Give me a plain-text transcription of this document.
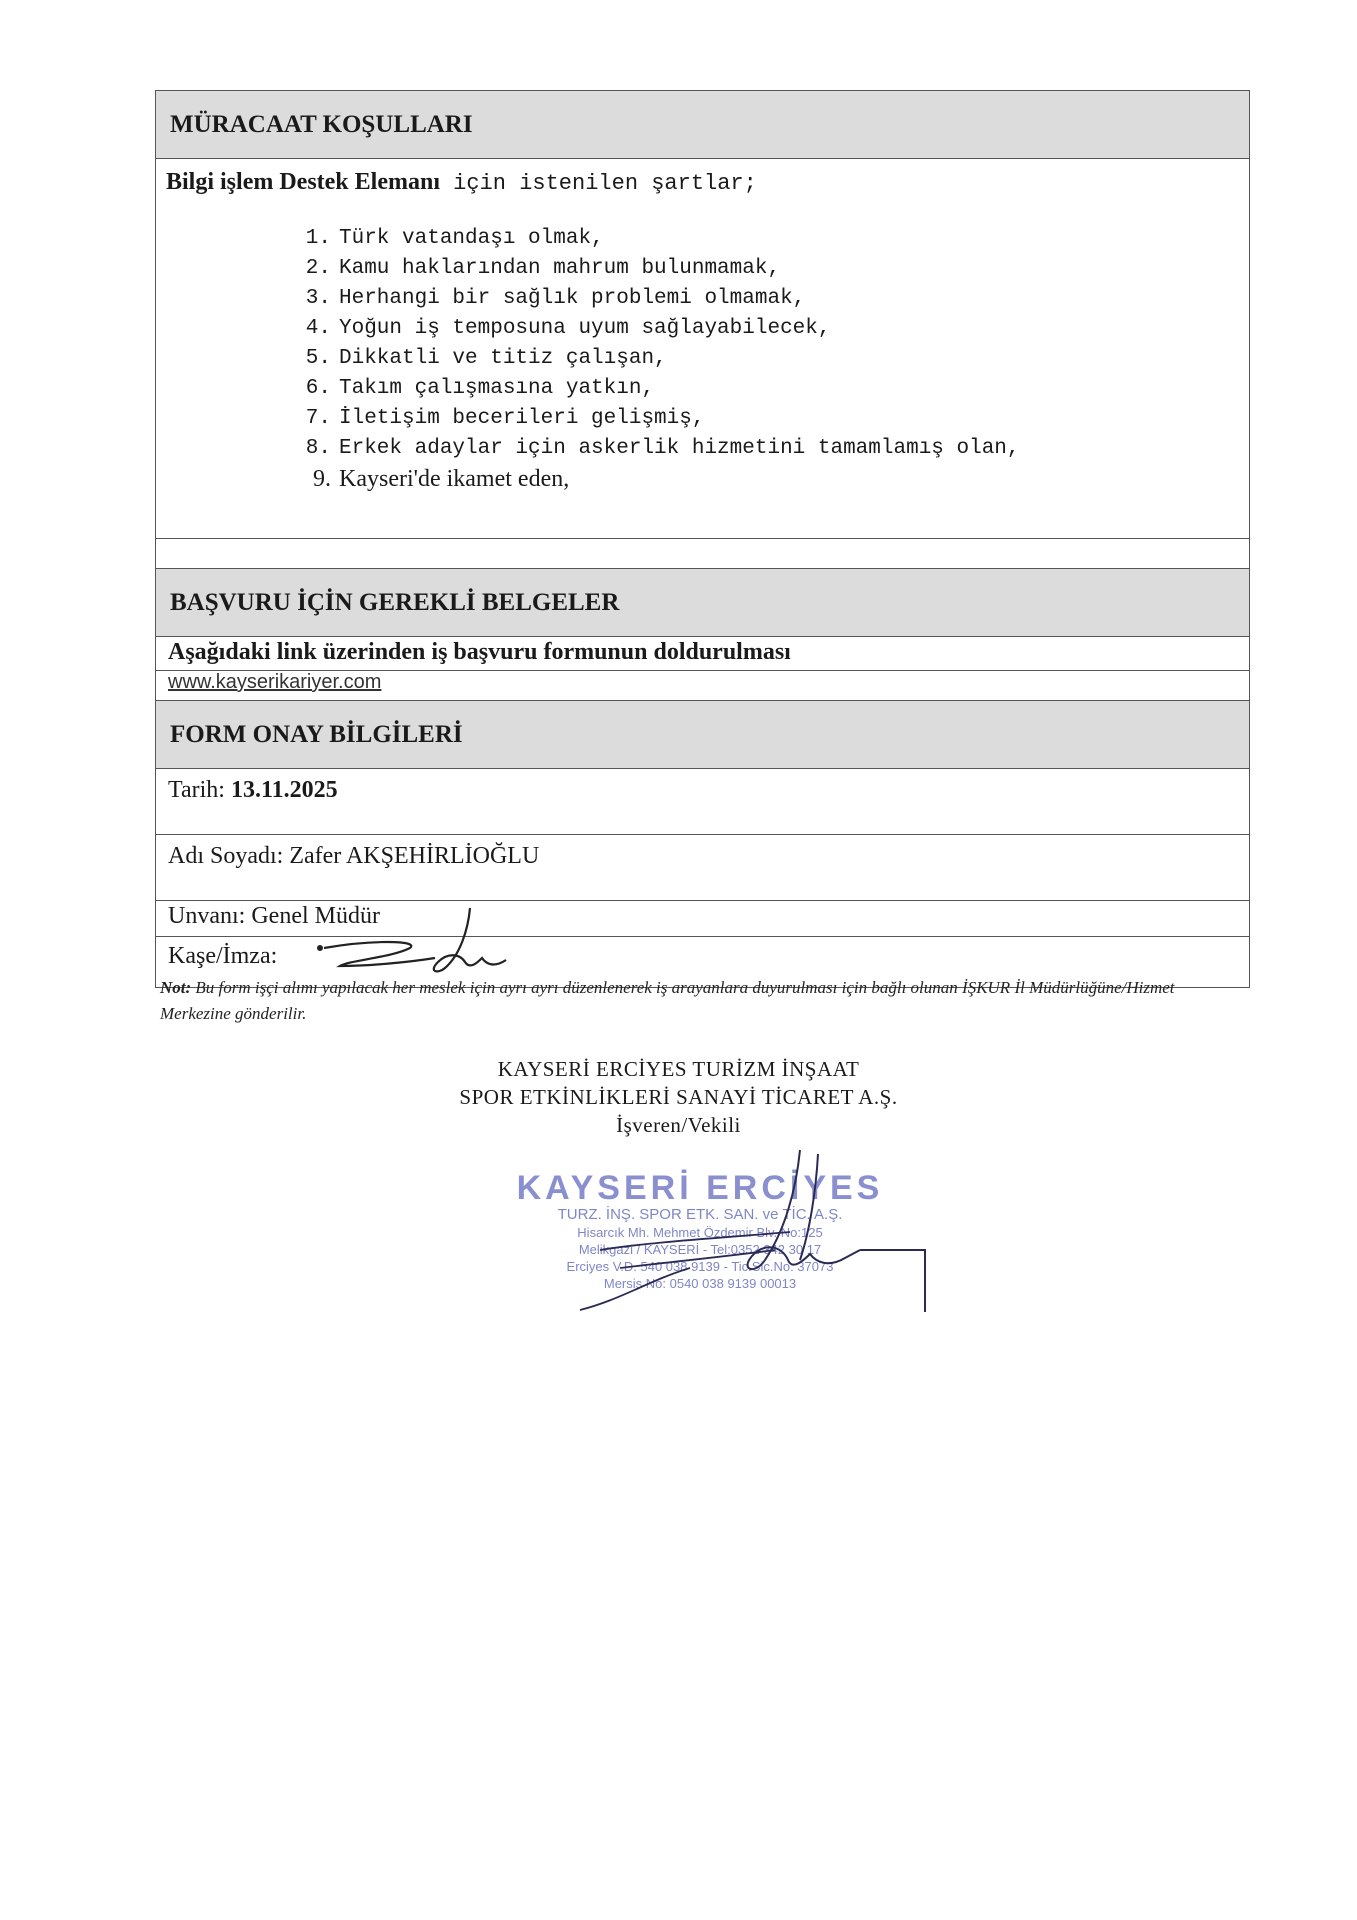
MÜRACAAT KOŞULLARI
Bilgi işlem Destek Elemanı için istenilen şartlar;
1. Türk vatandaşı olmak,
2. Kamu haklarından mahrum bulunmamak,
3. Herhangi bir sağlık problemi olmamak,
4. Yoğun iş temposuna uyum sağlayabilecek,
5. Dikkatli ve titiz çalışan,
6. Takım çalışmasına yatkın,
7. İletişim becerileri gelişmiş,
8. Erkek adaylar için askerlik hizmetini tamamlamış olan,
9. Kayseri'de ikamet eden,
BAŞVURU İÇİN GEREKLİ BELGELER
Aşağıdaki link üzerinden iş başvuru formunun doldurulması
www.kayserikariyer.com
FORM ONAY BİLGİLERİ
Tarih: 13.11.2025
Adı Soyadı: Zafer AKŞEHİRLİOĞLU
Unvanı: Genel Müdür
Kaşe/İmza:
Not: Bu form işçi alımı yapılacak her meslek için ayrı ayrı düzenlenerek iş arayanlara duyurulması için bağlı olunan İŞKUR İl Müdürlüğüne/Hizmet Merkezine gönderilir.
KAYSERİ ERCİYES TURİZM İNŞAAT
SPOR ETKİNLİKLERİ SANAYİ TİCARET A.Ş.
İşveren/Vekili
KAYSERİ ERCİYES
TURZ. İNŞ. SPOR ETK. SAN. ve TİC. A.Ş.
Hisarcık Mh. Mehmet Özdemir Blv. No:125
Melikgazi / KAYSERİ - Tel:0352 342 30 17
Erciyes V.D. 540 038 9139 - Tic.Sic.No: 37073
Mersis No: 0540 038 9139 00013
